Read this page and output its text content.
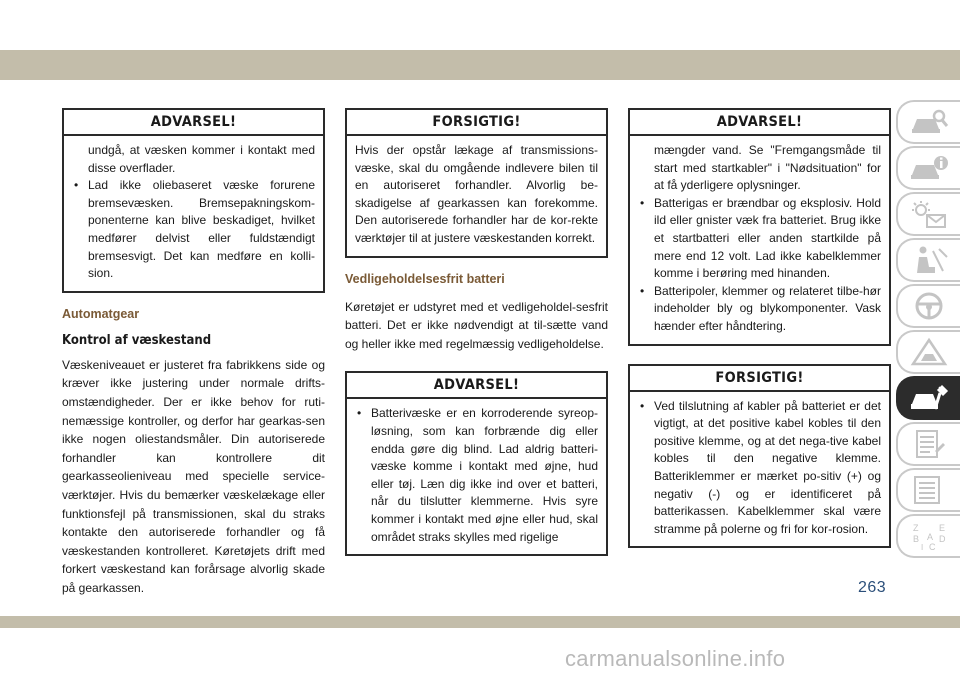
ADVARSEL!

undgå, at væsken kommer i kontakt med disse overflader.

• Lad ikke oliebaseret væske forurene bremsevæsken. Bremsepakningskom-ponenterne kan blive beskadiget, hvilket medfører delvist eller fuldstændigt bremsesvigt. Det kan medføre en kolli-sion.
Automatgear
Kontrol af væskestand
Væskeniveauet er justeret fra fabrikkens side og kræver ikke justering under normale drifts-omstændigheder. Der er ikke behov for ruti-nemæssige kontroller, og derfor har gearkas-sen ikke nogen oliestandsmåler. Din autoriserede forhandler kan kontrollere dit gearkasseolieniveau med specielle service-værktøjer. Hvis du bemærker væskelækage eller funktionsfejl på transmissionen, skal du straks kontakte den autoriserede forhandler og få væskestanden kontrolleret. Køretøjets drift med forkert væskestand kan forårsage alvorlig skade på gearkassen.
FORSIGTIG!
Hvis der opstår lækage af transmissions-væske, skal du omgående indlevere bilen til en autoriseret forhandler. Alvorlig be-skadigelse af gearkassen kan forekomme. Den autoriserede forhandler har de kor-rekte værktøjer til at justere væskestanden korrekt.
Vedligeholdelsesfrit batteri
Køretøjet er udstyret med et vedligeholdel-sesfrit batteri. Det er ikke nødvendigt at til-sætte vand og heller ikke med regelmæssig vedligeholdelse.
ADVARSEL!
• Batterivæske er en korroderende syreop-løsning, som kan forbrænde dig eller endda gøre dig blind. Lad aldrig batteri-væske komme i kontakt med øjne, hud eller tøj. Læn dig ikke ind over et batteri, når du tilslutter klemmerne. Hvis syre kommer i kontakt med øjne eller hud, skal området straks skylles med rigelige
ADVARSEL!

mængder vand. Se "Fremgangsmåde til start med startkabler" i "Nødsituation" for at få yderligere oplysninger.

• Batterigas er brændbar og eksplosiv. Hold ild eller gnister væk fra batteriet. Brug ikke et startbatteri eller anden startkilde på mere end 12 volt. Lad ikke kabelklemmer komme i berøring med hinanden.
• Batteripoler, klemmer og relateret tilbe-hør indeholder bly og blykomponenter. Vask hænder efter håndtering.
FORSIGTIG!
• Ved tilslutning af kabler på batteriet er det vigtigt, at det positive kabel kobles til den positive klemme, og at det nega-tive kabel kobles til den negative klemme. Batteriklemmer er mærket po-sitiv (+) og negativ (-) og er identificeret på batterikassen. Kabelklemmer skal være stramme på polerne og fri for kor-rosion.	Z E
B A D
I C
263
carmanualsonline.info
